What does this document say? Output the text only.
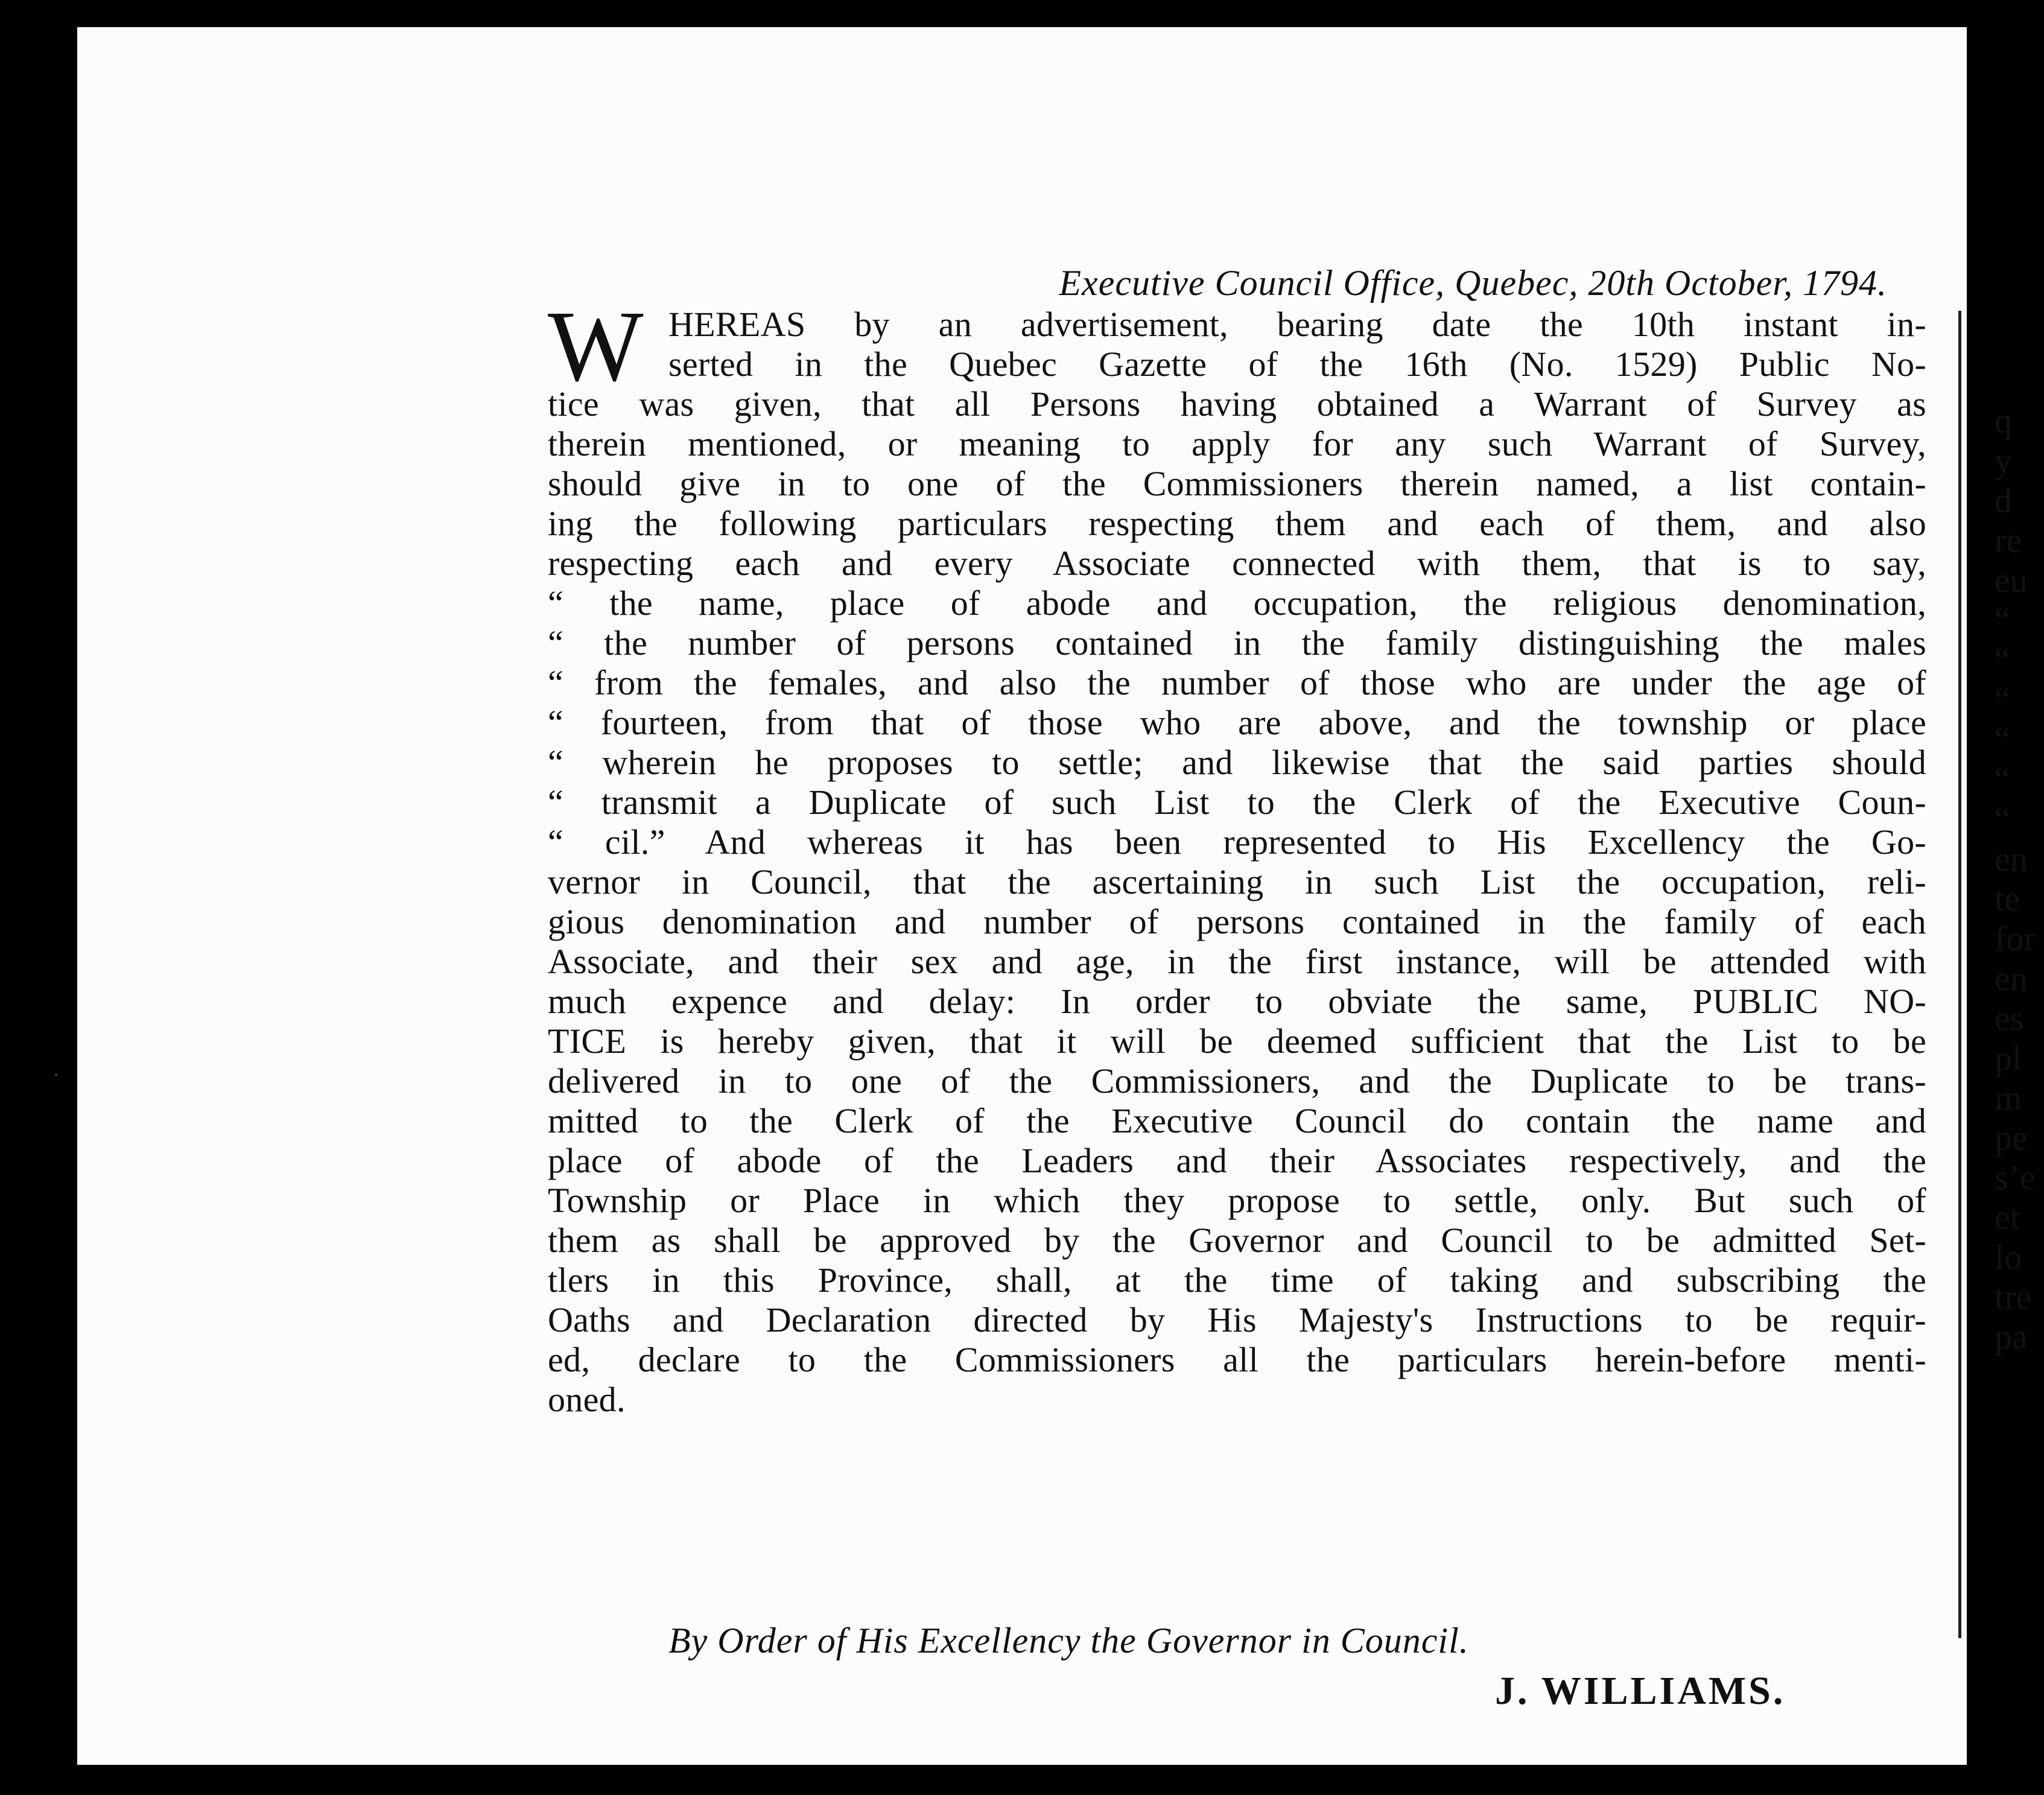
Executive Council Office, Quebec, 20th October, 1794.
W HEREAS by an advertisement, bearing date the 10th instant in-
serted in the Quebec Gazette of the 16th (No. 1529) Public No-
tice was given, that all Persons having obtained a Warrant of Survey as
therein mentioned, or meaning to apply for any such Warrant of Survey,
should give in to one of the Commissioners therein named, a list contain-
ing the following particulars respecting them and each of them, and also
respecting each and every Associate connected with them, that is to say,
“ the name, place of abode and occupation, the religious denomination,
“ the number of persons contained in the family distinguishing the males
“ from the females, and also the number of those who are under the age of
“ fourteen, from that of those who are above, and the township or place
“ wherein he proposes to settle; and likewise that the said parties should
“ transmit a Duplicate of such List to the Clerk of the Executive Coun-
“ cil.” And whereas it has been represented to His Excellency the Go-
vernor in Council, that the ascertaining in such List the occupation, reli-
gious denomination and number of persons contained in the family of each
Associate, and their sex and age, in the first instance, will be attended with
much expence and delay: In order to obviate the same, PUBLIC NO-
TICE is hereby given, that it will be deemed sufficient that the List to be
delivered in to one of the Commissioners, and the Duplicate to be trans-
mitted to the Clerk of the Executive Council do contain the name and
place of abode of the Leaders and their Associates respectively, and the
Township or Place in which they propose to settle, only. But such of
them as shall be approved by the Governor and Council to be admitted Set-
tlers in this Province, shall, at the time of taking and subscribing the
Oaths and Declaration directed by His Majesty's Instructions to be requir-
ed, declare to the Commissioners all the particulars herein-before menti-
oned.
By Order of His Excellency the Governor in Council.
J. WILLIAMS.
q
y
d
re
eu
“
“
“
“
“
“
en
te
for
en
es
pl
m
pe
s’e
et
lo
tre
pa
·
